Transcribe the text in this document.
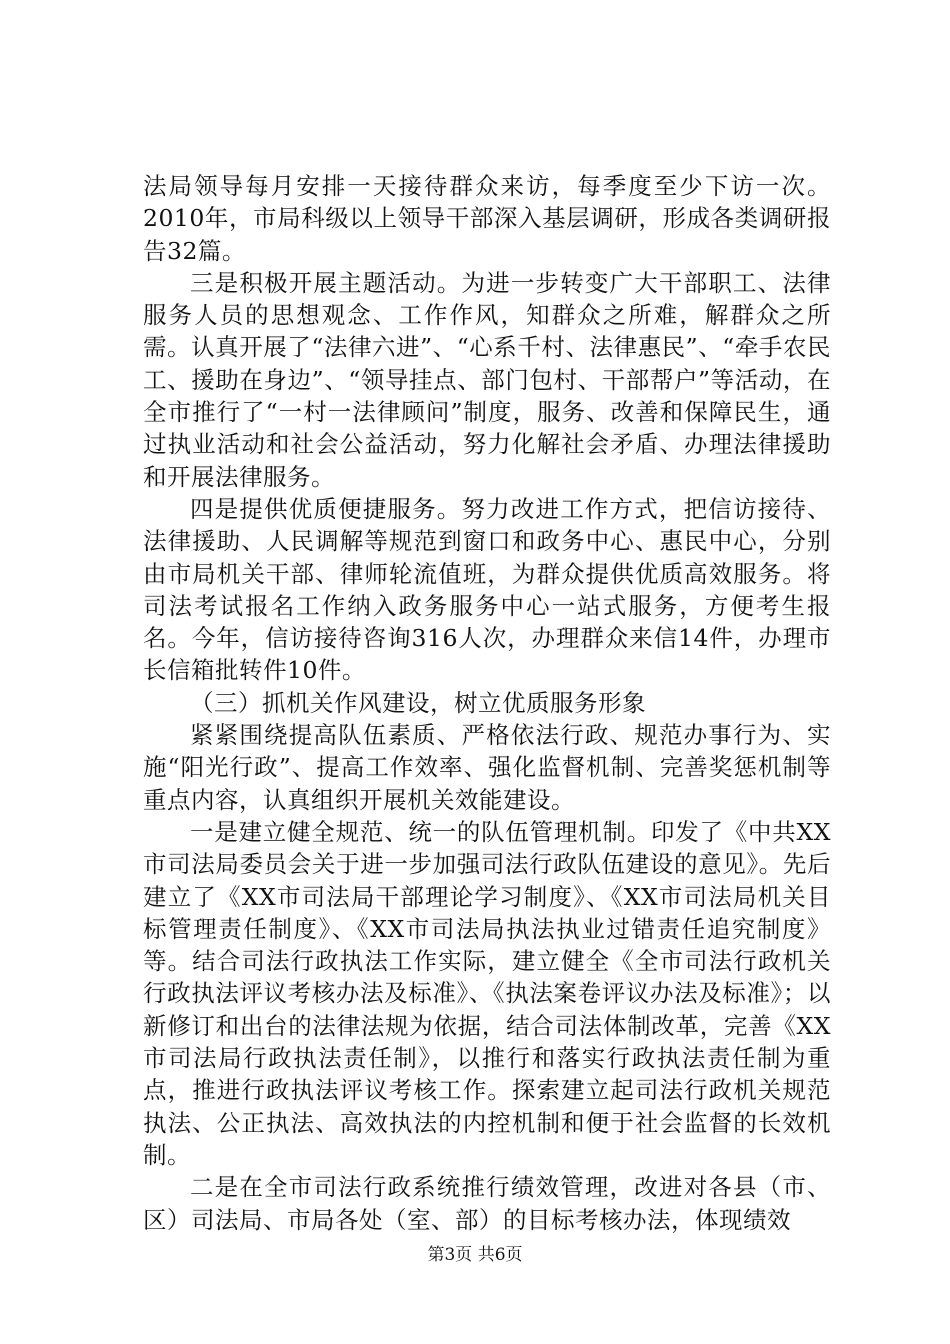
法局领导每月安排一天接待群众来访，每季度至少下访一次。2010年，市局科级以上领导干部深入基层调研，形成各类调研报告32篇。

三是积极开展主题活动。为进一步转变广大干部职工、法律服务人员的思想观念、工作作风，知群众之所难，解群众之所需。认真开展了“法律六进”、“心系千村、法律惠民”、“牵手农民工、援助在身边”、“领导挂点、部门包村、干部帮户”等活动，在全市推行了“一村一法律顾问”制度，服务、改善和保障民生，通过执业活动和社会公益活动，努力化解社会矛盾、办理法律援助和开展法律服务。

四是提供优质便捷服务。努力改进工作方式，把信访接待、法律援助、人民调解等规范到窗口和政务中心、惠民中心，分别由市局机关干部、律师轮流值班，为群众提供优质高效服务。将司法考试报名工作纳入政务服务中心一站式服务，方便考生报名。今年，信访接待咨询316人次，办理群众来信14件，办理市长信箱批转件10件。

（三）抓机关作风建设，树立优质服务形象

紧紧围绕提高队伍素质、严格依法行政、规范办事行为、实施“阳光行政”、提高工作效率、强化监督机制、完善奖惩机制等重点内容，认真组织开展机关效能建设。

一是建立健全规范、统一的队伍管理机制。印发了《中共XX市司法局委员会关于进一步加强司法行政队伍建设的意见》。先后建立了《XX市司法局干部理论学习制度》、《XX市司法局机关目标管理责任制度》、《XX市司法局执法执业过错责任追究制度》等。结合司法行政执法工作实际，建立健全《全市司法行政机关行政执法评议考核办法及标准》、《执法案卷评议办法及标准》；以新修订和出台的法律法规为依据，结合司法体制改革，完善《XX市司法局行政执法责任制》，以推行和落实行政执法责任制为重点，推进行政执法评议考核工作。探索建立起司法行政机关规范执法、公正执法、高效执法的内控机制和便于社会监督的长效机制。

二是在全市司法行政系统推行绩效管理，改进对各县（市、区）司法局、市局各处（室、部）的目标考核办法，体现绩效

第3页 共6页
